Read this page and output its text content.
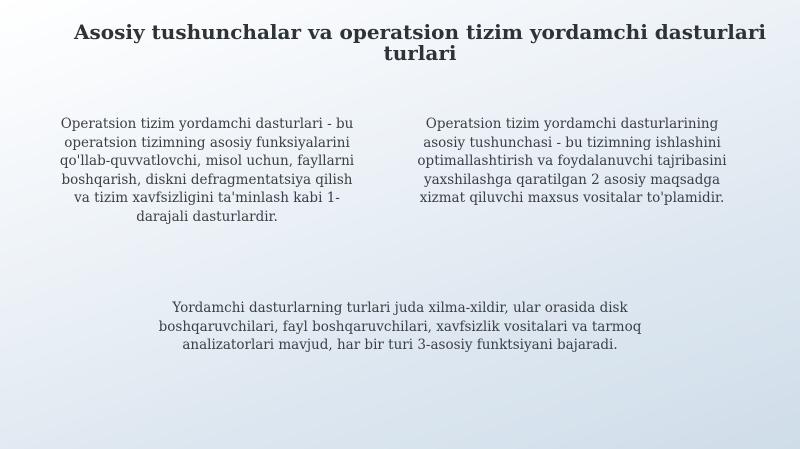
Asosiy tushunchalar va operatsion tizim yordamchi dasturlari turlari

Operatsion tizim yordamchi dasturlari - bu operatsion tizimning asosiy funksiyalarini qo'llab-quvvatlovchi, misol uchun, fayllarni boshqarish, diskni defragmentatsiya qilish va tizim xavfsizligini ta'minlash kabi 1-darajali dasturlardir.

Operatsion tizim yordamchi dasturlarining asosiy tushunchasi - bu tizimning ishlashini optimallashtirish va foydalanuvchi tajribasini yaxshilashga qaratilgan 2 asosiy maqsadga xizmat qiluvchi maxsus vositalar to'plamidir.

Yordamchi dasturlarning turlari juda xilma-xildir, ular orasida disk boshqaruvchilari, fayl boshqaruvchilari, xavfsizlik vositalari va tarmoq analizatorlari mavjud, har bir turi 3-asosiy funktsiyani bajaradi.
